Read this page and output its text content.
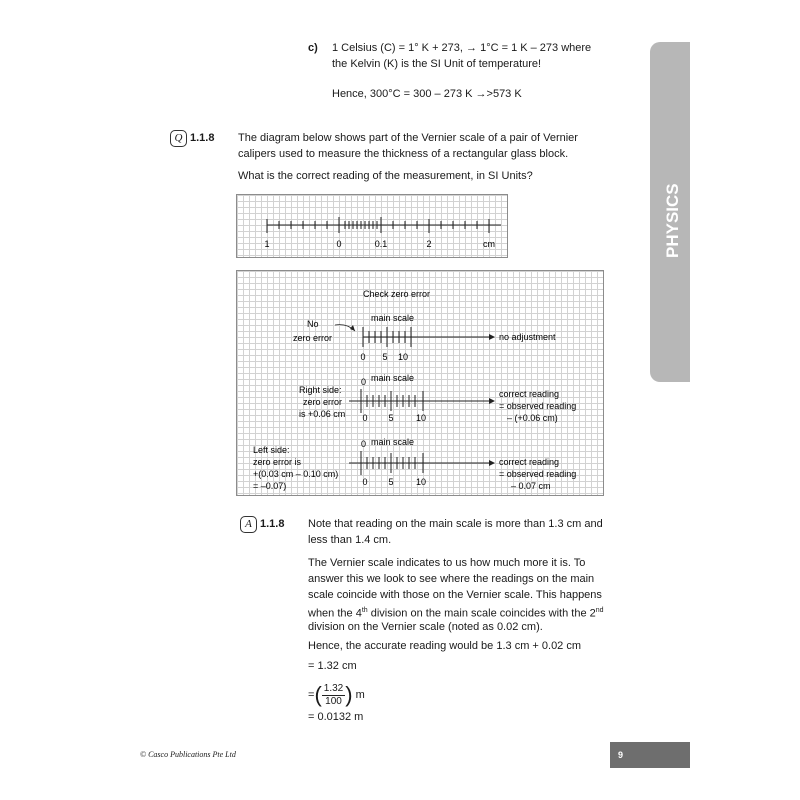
c) 1 Celsius (C) = 1° K + 273, → 1°C = 1 K – 273 where
the Kelvin (K) is the SI Unit of temperature!
Hence, 300°C = 300 – 273 K →>573 K
Q 1.1.8 The diagram below shows part of the Vernier scale of a pair of Vernier
calipers used to measure the thickness of a rectangular glass block.
What is the correct reading of the measurement, in SI Units?
1	0	0.1	2	cm
Check zero error
main scale
No
zero error	no adjustment
0 5 10
0 main scale
Right side:
zero error
is +0.06 cm
correct reading
= observed reading
– (+0.06 cm)
0 5 10
0 main scale
Left side:
zero error is
+(0.03 cm – 0.10 cm)
= –0.07)
correct reading
= observed reading
– 0.07 cm
0 5 10
A 1.1.8 Note that reading on the main scale is more than 1.3 cm and
less than 1.4 cm.
The Vernier scale indicates to us how much more it is. To
answer this we look to see where the readings on the main
scale coincide with those on the Vernier scale. This happens
when the 4th division on the main scale coincides with the 2nd
division on the Vernier scale (noted as 0.02 cm).
Hence, the accurate reading would be 1.3 cm + 0.02 cm
= 1.32 cm
=( $\frac{1.32}{100}$ ) m
= 0.0132 m
PHYSICS
© Casco Publications Pte Ltd	9
